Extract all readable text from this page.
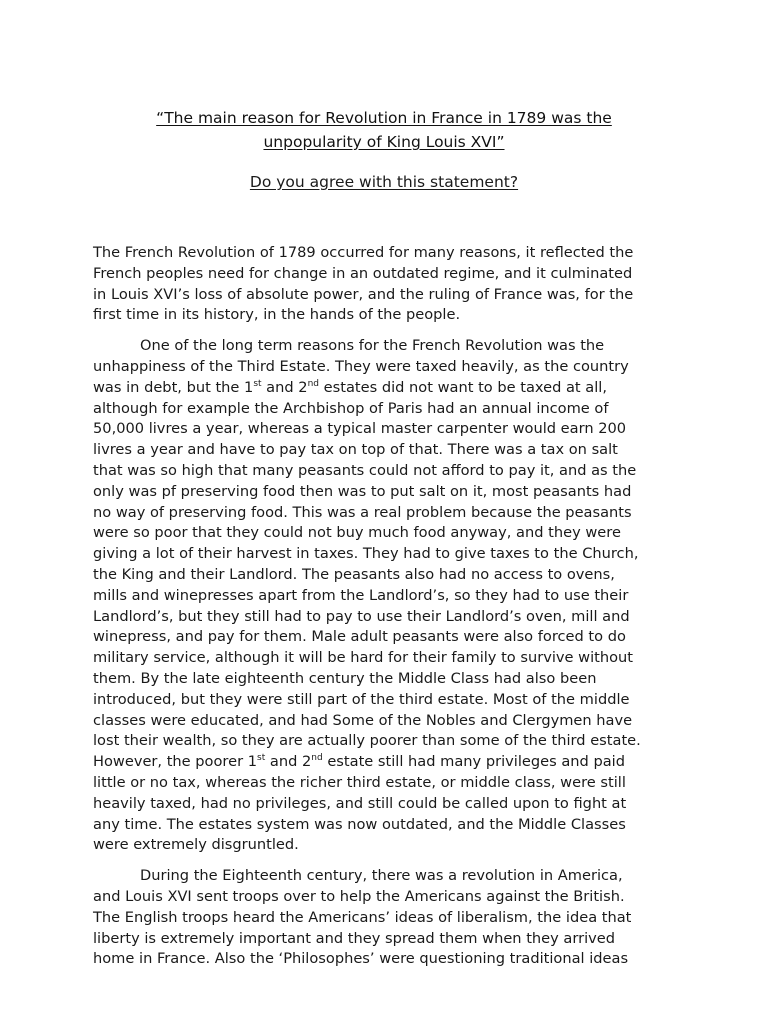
“The main reason for Revolution in France in 1789 was the
unpopularity of King Louis XVI”
Do you agree with this statement?
The French Revolution of 1789 occurred for many reasons, it reflected the
French peoples need for change in an outdated regime, and it culminated
in Louis XVI’s loss of absolute power, and the ruling of France was, for the
first time in its history, in the hands of the people.
One of the long term reasons for the French Revolution was the
unhappiness of the Third Estate. They were taxed heavily, as the country
was in debt, but the 1st and 2nd estates did not want to be taxed at all,
although for example the Archbishop of Paris had an annual income of
50,000 livres a year, whereas a typical master carpenter would earn 200
livres a year and have to pay tax on top of that. There was a tax on salt
that was so high that many peasants could not afford to pay it, and as the
only was pf preserving food then was to put salt on it, most peasants had
no way of preserving food. This was a real problem because the peasants
were so poor that they could not buy much food anyway, and they were
giving a lot of their harvest in taxes. They had to give taxes to the Church,
the King and their Landlord. The peasants also had no access to ovens,
mills and winepresses apart from the Landlord’s, so they had to use their
Landlord’s, but they still had to pay to use their Landlord’s oven, mill and
winepress, and pay for them. Male adult peasants were also forced to do
military service, although it will be hard for their family to survive without
them. By the late eighteenth century the Middle Class had also been
introduced, but they were still part of the third estate. Most of the middle
classes were educated, and had Some of the Nobles and Clergymen have
lost their wealth, so they are actually poorer than some of the third estate.
However, the poorer 1st and 2nd estate still had many privileges and paid
little or no tax, whereas the richer third estate, or middle class, were still
heavily taxed, had no privileges, and still could be called upon to fight at
any time. The estates system was now outdated, and the Middle Classes
were extremely disgruntled.
During the Eighteenth century, there was a revolution in America,
and Louis XVI sent troops over to help the Americans against the British.
The English troops heard the Americans’ ideas of liberalism, the idea that
liberty is extremely important and they spread them when they arrived
home in France. Also the ‘Philosophes’ were questioning traditional ideas
